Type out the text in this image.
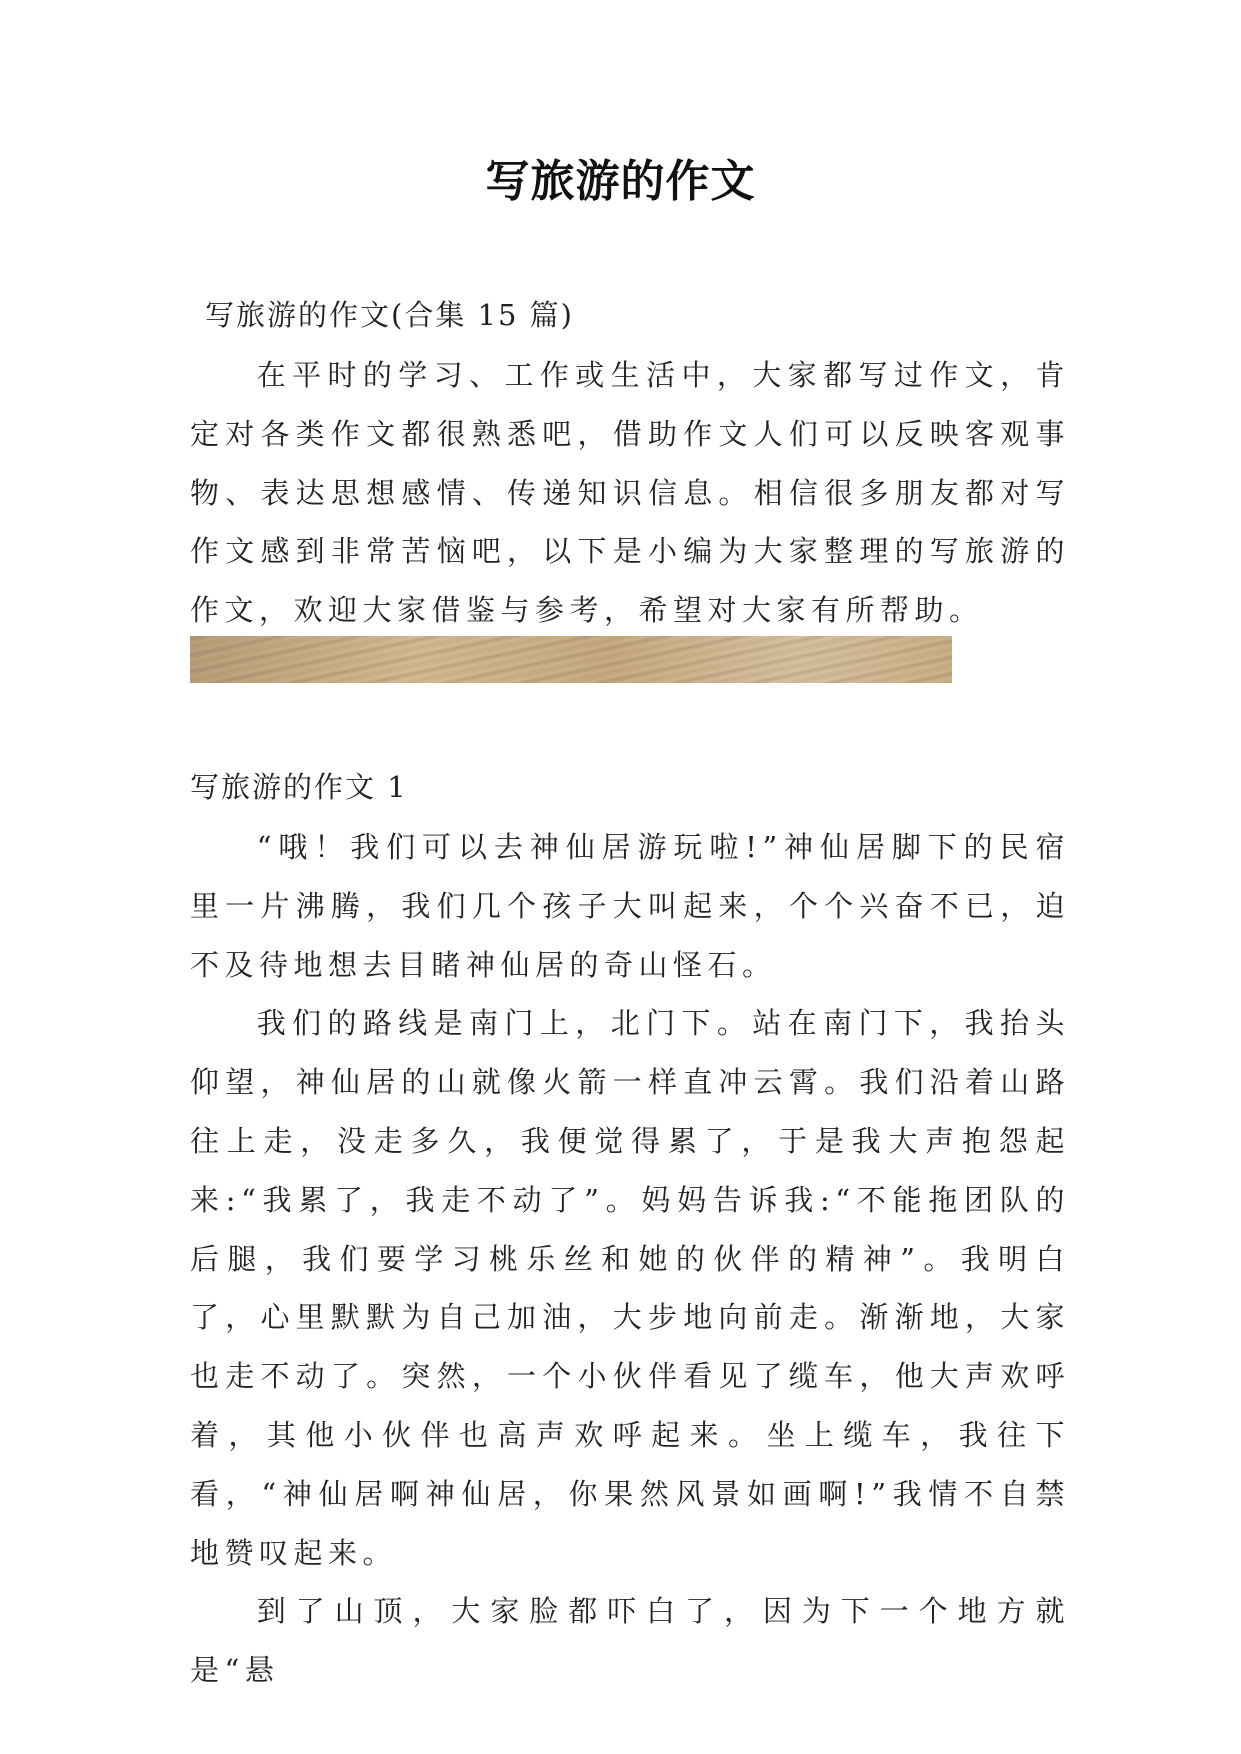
写旅游的作文
写旅游的作文(合集 15 篇)

在平时的学习、工作或生活中，大家都写过作文，肯定对各类作文都很熟悉吧，借助作文人们可以反映客观事物、表达思想感情、传递知识信息。相信很多朋友都对写作文感到非常苦恼吧，以下是小编为大家整理的写旅游的作文，欢迎大家借鉴与参考，希望对大家有所帮助。

写旅游的作文 1

“哦！我们可以去神仙居游玩啦!”神仙居脚下的民宿里一片沸腾，我们几个孩子大叫起来，个个兴奋不已，迫不及待地想去目睹神仙居的奇山怪石。

我们的路线是南门上，北门下。站在南门下，我抬头仰望，神仙居的山就像火箭一样直冲云霄。我们沿着山路往上走，没走多久，我便觉得累了，于是我大声抱怨起来:“我累了，我走不动了”。妈妈告诉我:“不能拖团队的后腿，我们要学习桃乐丝和她的伙伴的精神”。我明白了，心里默默为自己加油，大步地向前走。渐渐地，大家也走不动了。突然，一个小伙伴看见了缆车，他大声欢呼着，其他小伙伴也高声欢呼起来。坐上缆车，我往下看，“神仙居啊神仙居，你果然风景如画啊!”我情不自禁地赞叹起来。

到了山顶，大家脸都吓白了，因为下一个地方就是“悬
